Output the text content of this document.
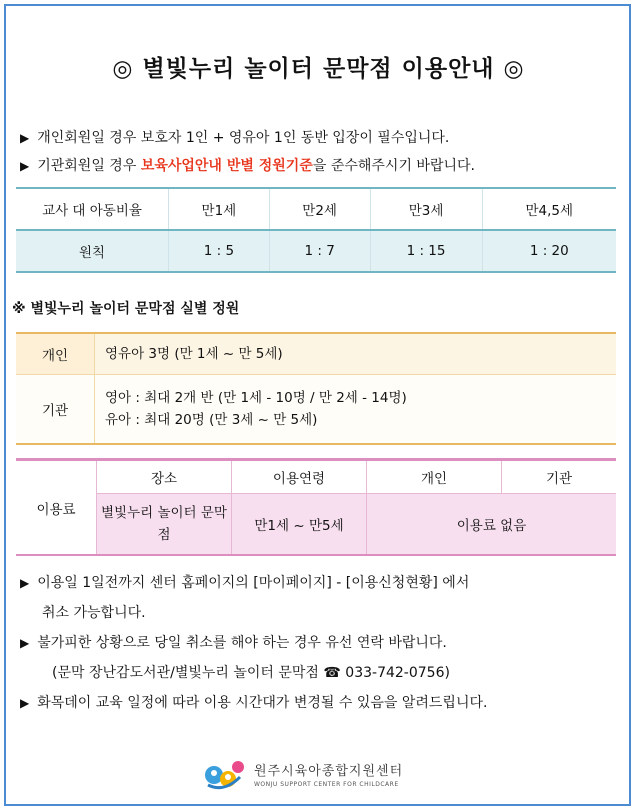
◎ 별빛누리 놀이터 문막점 이용안내 ◎
▶ 개인회원일 경우 보호자 1인 + 영유아 1인 동반 입장이 필수입니다.
▶ 기관회원일 경우 보육사업안내 반별 정원기준을 준수해주시기 바랍니다.
교사 대 아동비율	만1세	만2세	만3세	만4,5세
원칙	1 : 5	1 : 7	1 : 15	1 : 20
※ 별빛누리 놀이터 문막점 실별 정원
개인	영유아 3명 (만 1세 ~ 만 5세)
기관	영아 : 최대 2개 반 (만 1세 - 10명 / 만 2세 - 14명)
유아 : 최대 20명 (만 3세 ~ 만 5세)
이용료	장소	이용연령	개인	기관
	별빛누리 놀이터 문막점	만1세 ~ 만5세	이용료 없음	
▶ 이용일 1일전까지 센터 홈페이지의 [마이페이지] - [이용신청현황] 에서
취소 가능합니다.
▶ 불가피한 상황으로 당일 취소를 해야 하는 경우 유선 연락 바랍니다.
(문막 장난감도서관/별빛누리 놀이터 문막점 ☎ 033-742-0756)
▶ 화목데이 교육 일정에 따라 이용 시간대가 변경될 수 있음을 알려드립니다.
원주시육아종합지원센터
WONJU SUPPORT CENTER FOR CHILDCARE
